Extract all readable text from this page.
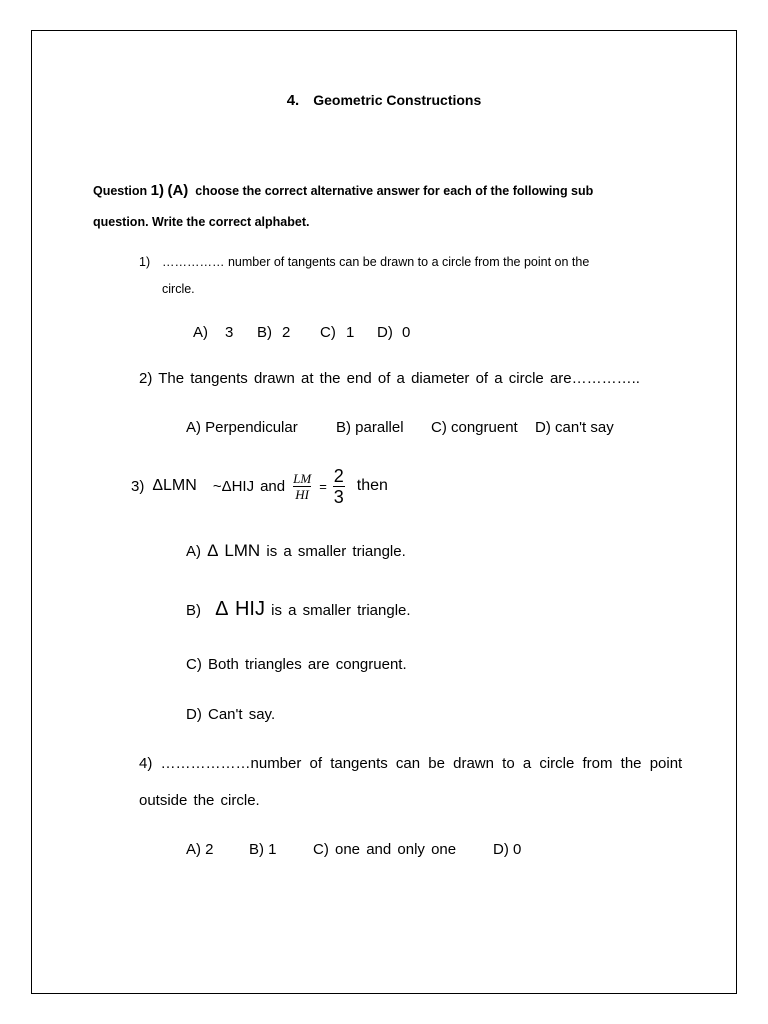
4. Geometric Constructions
Question 1) (A) choose the correct alternative answer for each of the following sub
question. Write the correct alphabet.
1) …………… number of tangents can be drawn to a circle from the point on the
circle.
A) 3 B) 2 C) 1 D) 0
2) The tangents drawn at the end of a diameter of a circle are…………..
A) Perpendicular	B) parallel C) congruent D) can't say
3) ΔLMN ~ΔHIJ and $\frac{LM}{HI} = \frac{2}{3}$ then
A) Δ LMN is a smaller triangle.
B) Δ HIJ is a smaller triangle.
C) Both triangles are congruent.
D) Can't say.
4) ………………number of tangents can be drawn to a circle from the point
outside the circle.
A) 2 B) 1 C) one and only one D) 0
